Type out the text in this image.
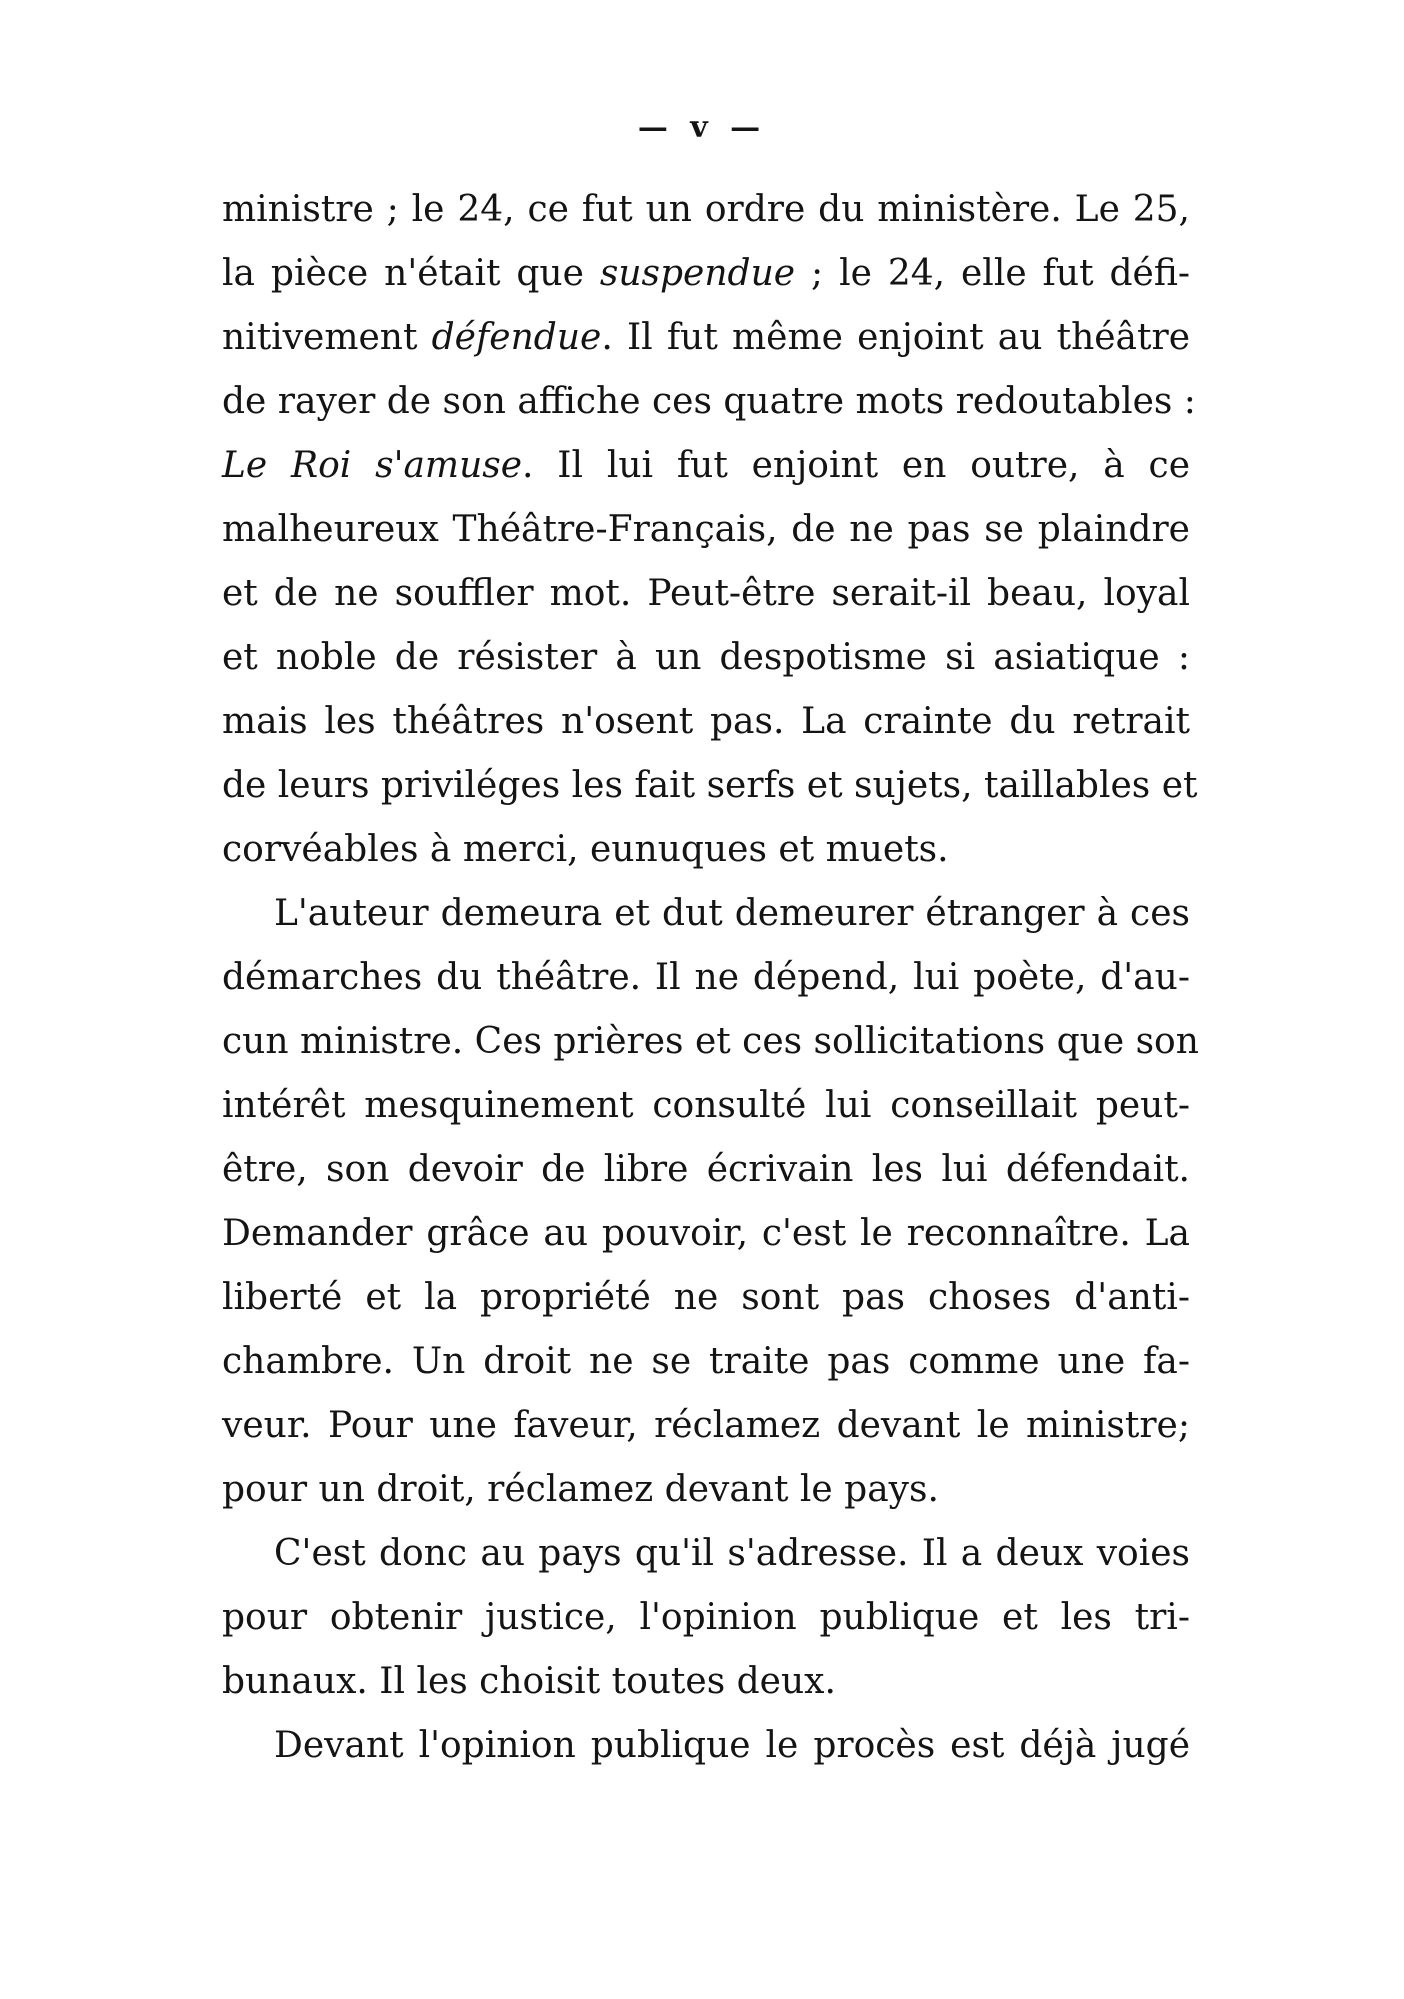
— v —
ministre ; le 24, ce fut un ordre du ministère. Le 25,
la pièce n'était que suspendue ; le 24, elle fut défi-
nitivement défendue. Il fut même enjoint au théâtre
de rayer de son affiche ces quatre mots redoutables :
Le Roi s'amuse. Il lui fut enjoint en outre, à ce
malheureux Théâtre-Français, de ne pas se plaindre
et de ne souffler mot. Peut-être serait-il beau, loyal
et noble de résister à un despotisme si asiatique :
mais les théâtres n'osent pas. La crainte du retrait
de leurs priviléges les fait serfs et sujets, taillables et
corvéables à merci, eunuques et muets.
L'auteur demeura et dut demeurer étranger à ces
démarches du théâtre. Il ne dépend, lui poète, d'au-
cun ministre. Ces prières et ces sollicitations que son
intérêt mesquinement consulté lui conseillait peut-
être, son devoir de libre écrivain les lui défendait.
Demander grâce au pouvoir, c'est le reconnaître. La
liberté et la propriété ne sont pas choses d'anti-
chambre. Un droit ne se traite pas comme une fa-
veur. Pour une faveur, réclamez devant le ministre;
pour un droit, réclamez devant le pays.
C'est donc au pays qu'il s'adresse. Il a deux voies
pour obtenir justice, l'opinion publique et les tri-
bunaux. Il les choisit toutes deux.
Devant l'opinion publique le procès est déjà jugé
